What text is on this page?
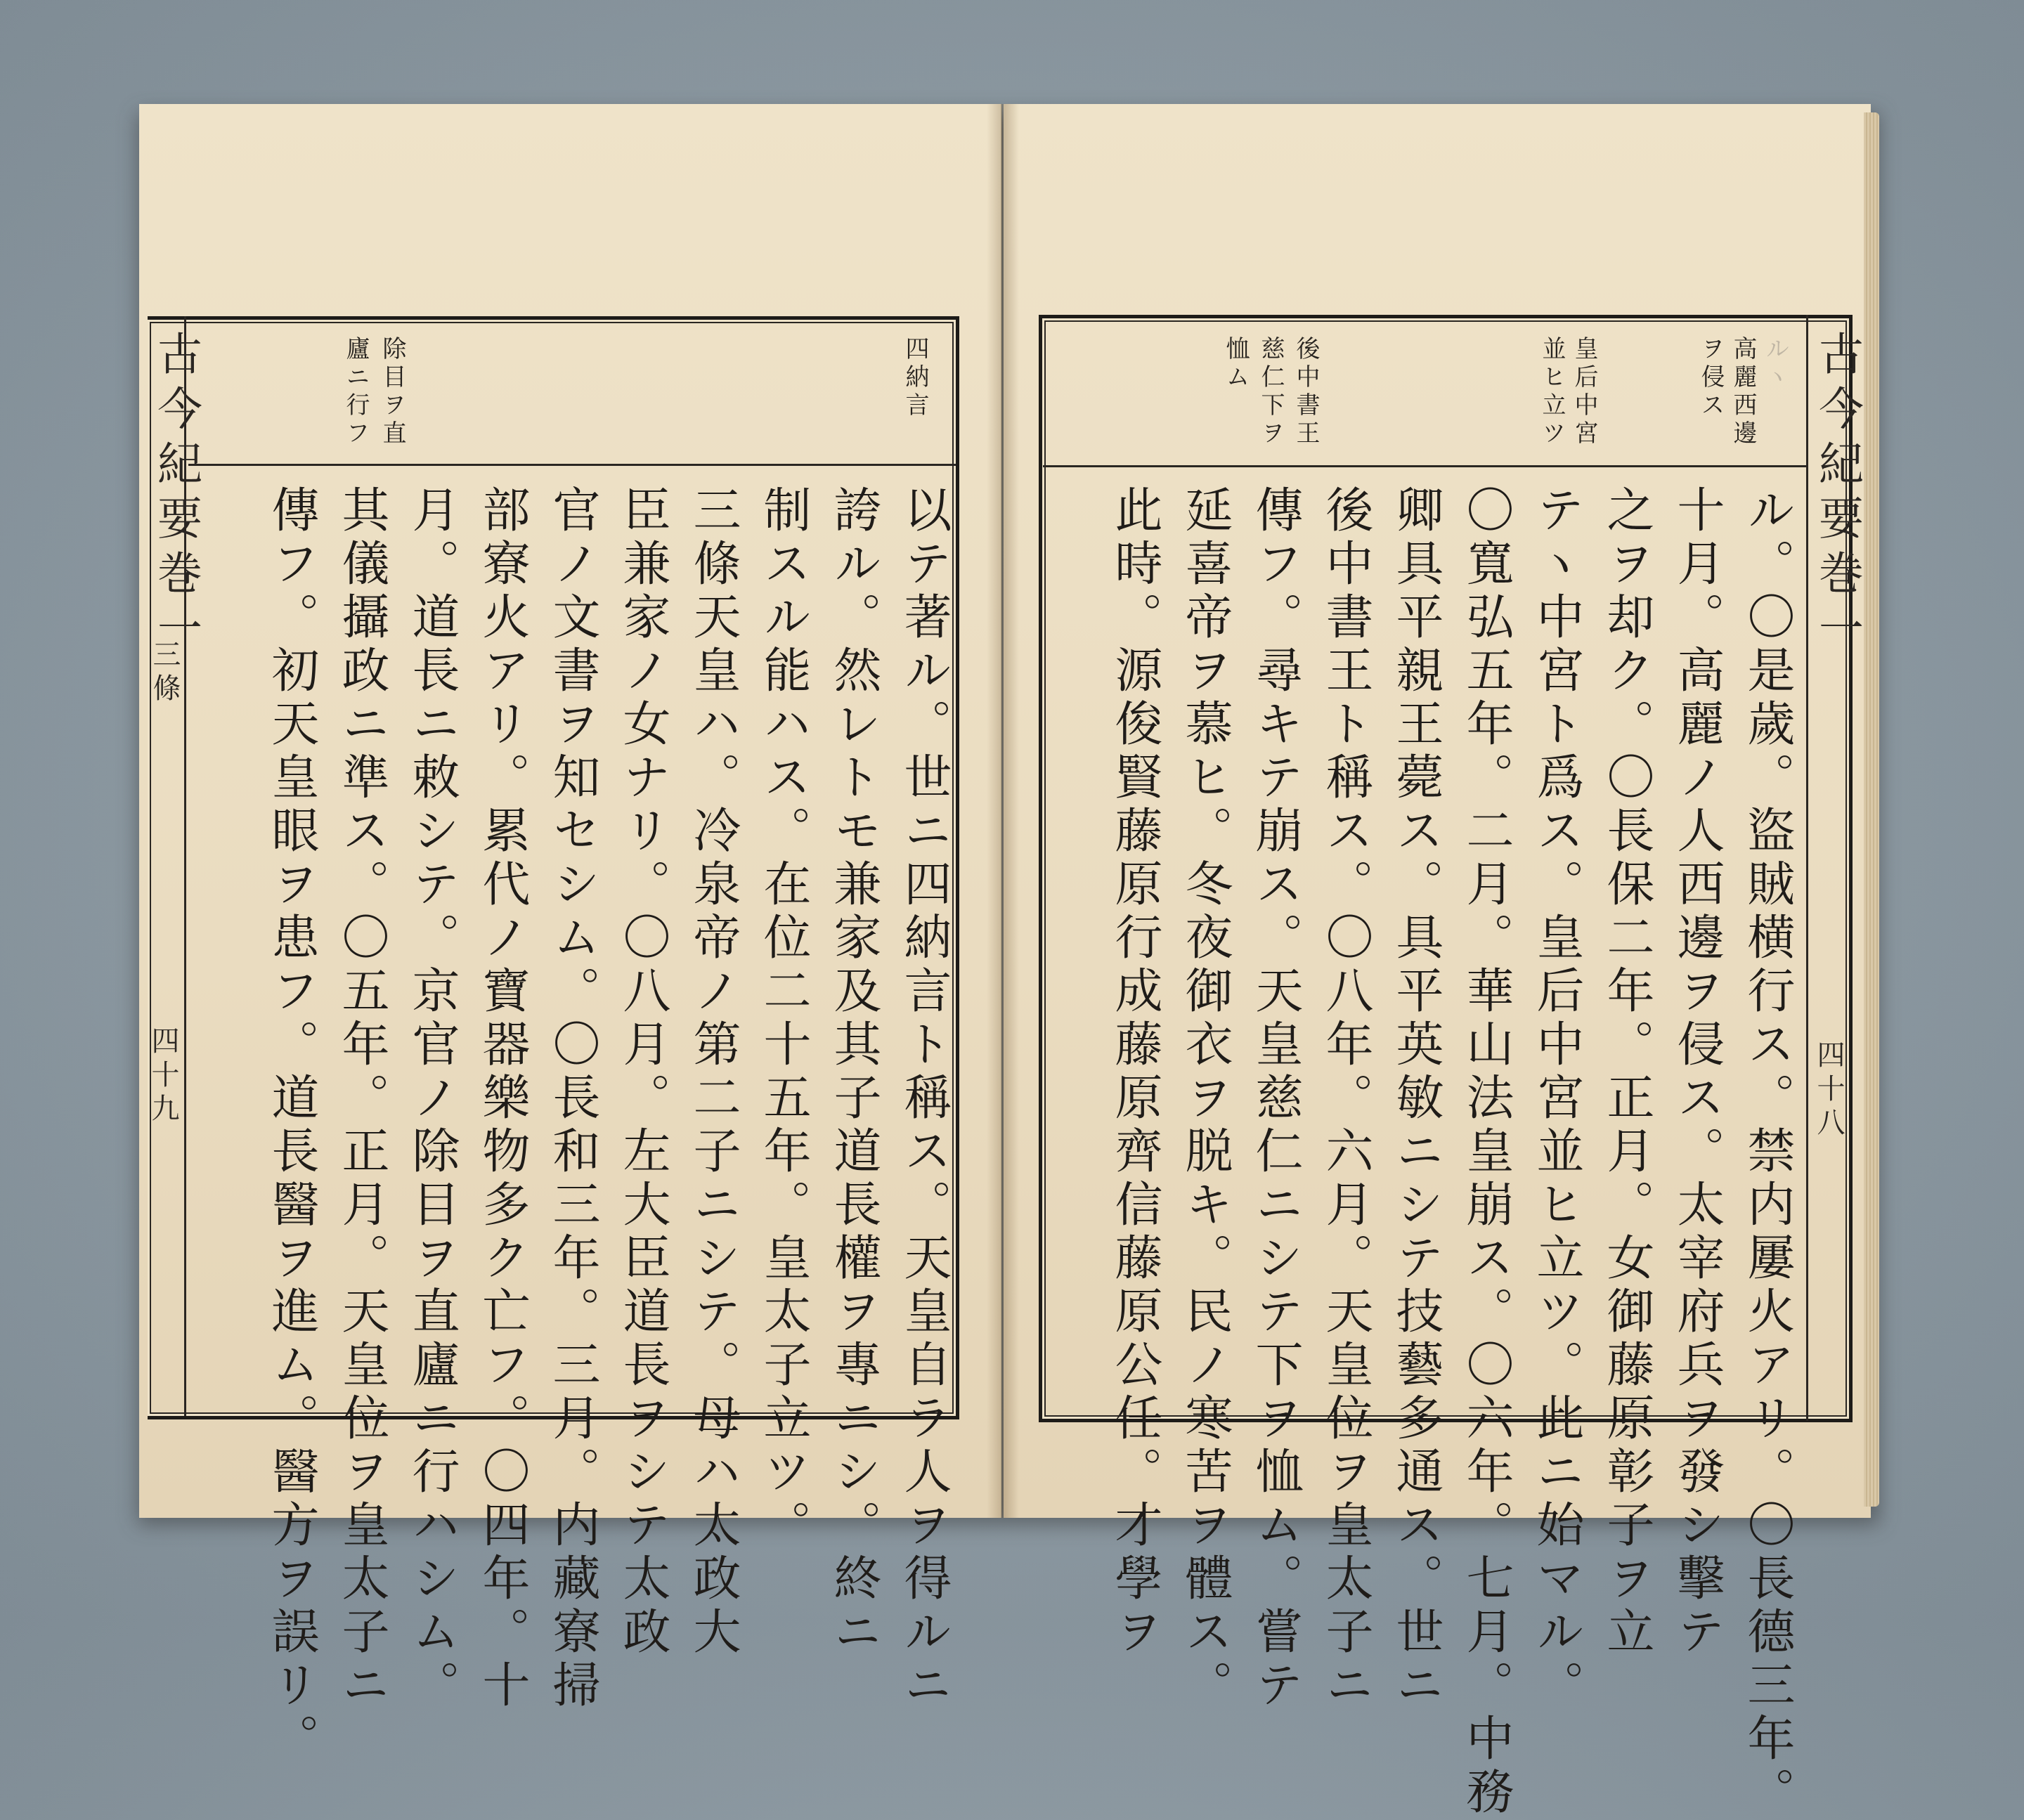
古今紀要巻一
三條
四十九
四納言
除目ヲ直
廬ニ行フ
以テ著ル。世ニ四納言ト稱ス。天皇自ラ人ヲ得ルニ
誇ル。然レトモ兼家及其子道長權ヲ專ニシ。終ニ
制スル能ハス。在位二十五年。皇太子立ツ。
三條天皇ハ。冷泉帝ノ第二子ニシテ。母ハ太政大
臣兼家ノ女ナリ。〇八月。左大臣道長ヲシテ太政
官ノ文書ヲ知セシム。〇長和三年。三月。内藏寮掃
部寮火アリ。累代ノ寶器樂物多ク亡フ。〇四年。十
月。道長ニ敕シテ。京官ノ除目ヲ直廬ニ行ハシム。
其儀攝政ニ準ス。〇五年。正月。天皇位ヲ皇太子ニ
傳フ。初天皇眼ヲ患フ。道長醫ヲ進ム。醫方ヲ誤リ。	古今紀要巻一
四十八
ルヽ
高麗西邊
ヲ侵ス
皇后中宮
並ヒ立ツ
後中書王
慈仁下ヲ
恤ム
ル。〇是歲。盜賊横行ス。禁内屢火アリ。〇長德三年。
十月。高麗ノ人西邊ヲ侵ス。太宰府兵ヲ發シ擊テ
之ヲ却ク。〇長保二年。正月。女御藤原彰子ヲ立
テヽ中宮ト爲ス。皇后中宮並ヒ立ツ。此ニ始マル。
〇寬弘五年。二月。華山法皇崩ス。〇六年。七月。中務
卿具平親王薨ス。具平英敏ニシテ技藝多通ス。世ニ
後中書王ト稱ス。〇八年。六月。天皇位ヲ皇太子ニ
傳フ。尋キテ崩ス。天皇慈仁ニシテ下ヲ恤ム。嘗テ
延喜帝ヲ慕ヒ。冬夜御衣ヲ脱キ。民ノ寒苦ヲ體ス。
此時。源俊賢藤原行成藤原齊信藤原公任。才學ヲ
